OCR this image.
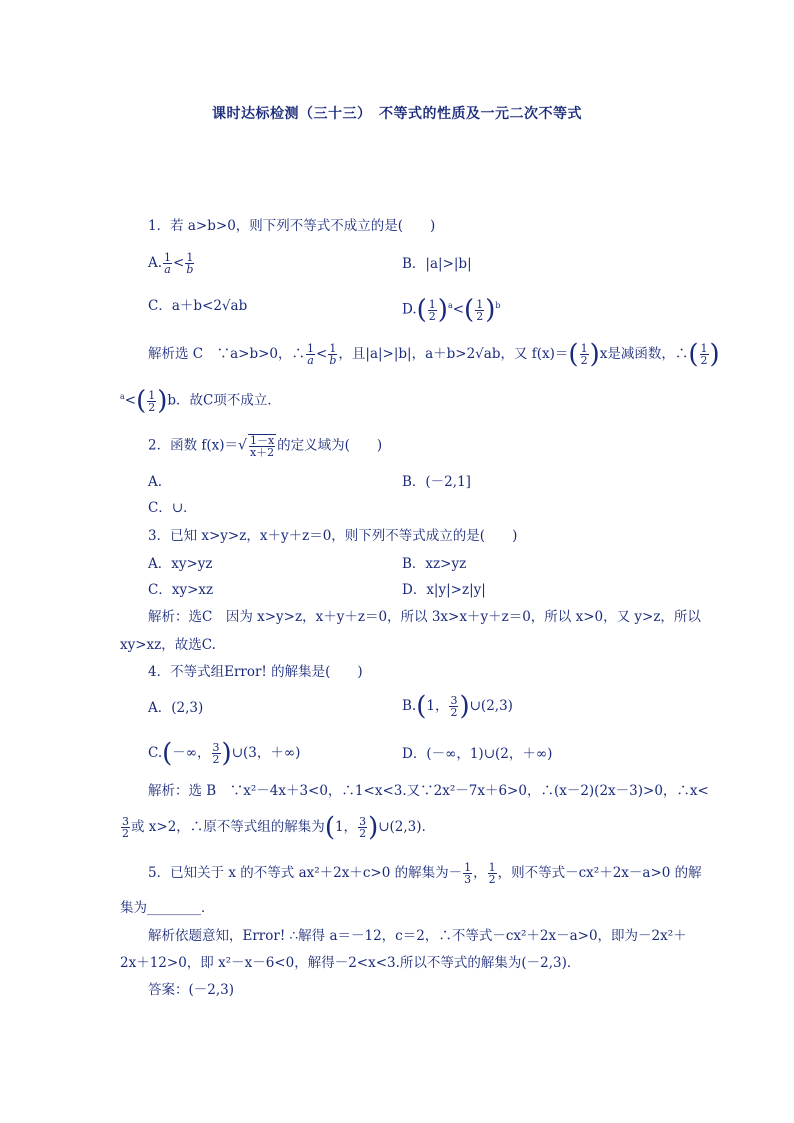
课时达标检测（三十三）　不等式的性质及一元二次不等式
1．若 a>b>0，则下列不等式不成立的是(　　)
A. $\frac{1}{a} < \frac{1}{b}$	B．|a|>|b|
C．a＋b<2√ab	$D.( \frac{1}{2} )^a<( \frac{1}{2} )^b$
解析选 C　∵a>b>0，∴ $\frac{1}{a} < \frac{1}{b}$ ，且|a|>|b|，a＋b>2√ab，又 $f(x)=( \frac{1}{2} )x$是减函数，∴( $\frac{1}{2}$ )
$^a<( \frac{1}{2} )b$．故C项不成立．
2．函数 $f(x)=√ \frac{1-x}{x+2}$ 的定义域为(　　)
A.	B．(－2,1]
C．∪．
3．已知 x>y>z，x＋y＋z＝0，则下列不等式成立的是(　　)
A．xy>yz	B．xz>yz
C．xy>xz	D．x|y|>z|y|
解析：选C　因为 x>y>z，x＋y＋z＝0，所以 3x>x＋y＋z＝0，所以 x>0，又 y>z，所以
xy>xz，故选C.
4．不等式组Error! 的解集是(　　)
A．(2,3)	B.(1， $\frac{3}{2}$ )∪(2,3)
C.(－∞， $\frac{3}{2}$ )∪(3，＋∞)	D．(－∞，1)∪(2，＋∞)
解析：选 B　∵x²－4x＋3<0，∴1<x<3.又∵2x²－7x＋6>0，∴(x－2)(2x－3)>0，∴x<
$\frac{3}{2}$ 或 x>2，∴原不等式组的解集为(1， $\frac{3}{2}$ )∪(2,3).
5．已知关于 x 的不等式 ax²＋2x＋c>0 的解集为－ $\frac{1}{3}$ ， $\frac{1}{2}$ ，则不等式－cx²＋2x－a>0 的解
集为________．
解析依题意知，Error! ∴解得 a＝－12，c＝2，∴不等式－cx²＋2x－a>0，即为－2x²＋
2x＋12>0，即 x²－x－6<0，解得－2<x<3.所以不等式的解集为(－2,3)．
答案：(－2,3)
